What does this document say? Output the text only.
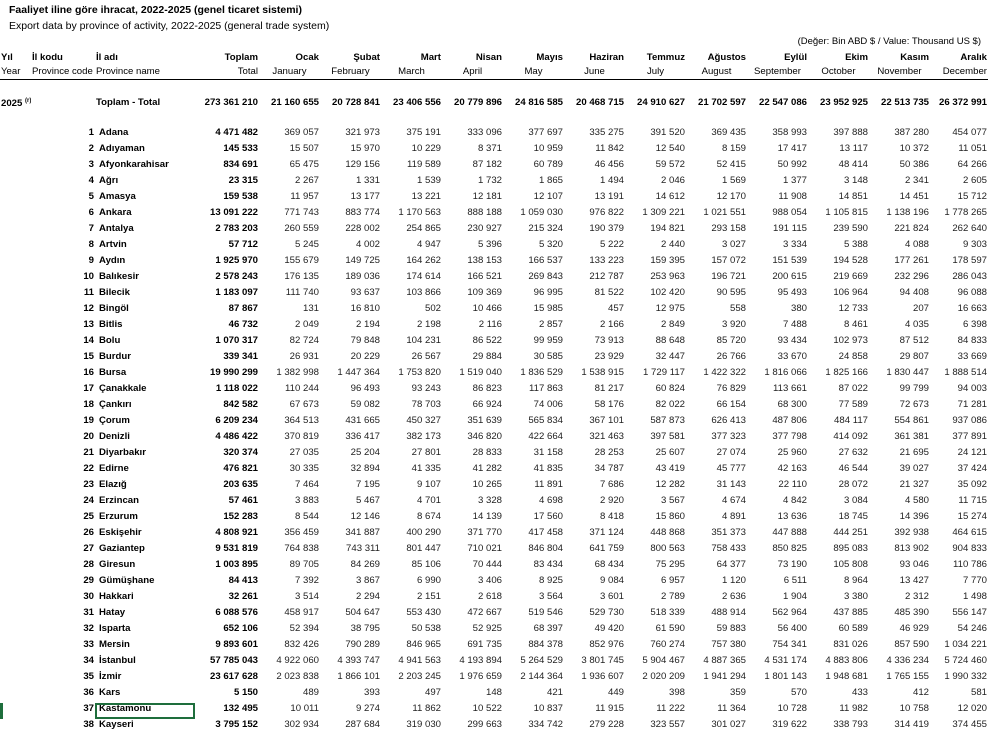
Faaliyet iline göre ihracat, 2022-2025 (genel ticaret sistemi)
Export data by province of activity, 2022-2025 (general trade system)
(Değer: Bin ABD $ / Value: Thousand US $)
Yıl	İl kodu	İl adı	Toplam	Ocak	Şubat	Mart	Nisan	Mayıs	Haziran	Temmuz	Ağustos	Eylül	Ekim	Kasım	Aralık
Year	Province code	Province name	Total	January	February	March	April	May	June	July	August	September	October	November	December

2025 $^{(r)}$		Toplam - Total	273 361 210	21 160 655	20 728 841	23 406 556	20 779 896	24 816 585	20 468 715	24 910 627	21 702 597	22 547 086	23 952 925	22 513 735	26 372 991

	1	Adana	4 471 482	369 057	321 973	375 191	333 096	377 697	335 275	391 520	369 435	358 993	397 888	387 280	454 077
	2	Adıyaman	145 533	15 507	15 970	10 229	8 371	10 959	11 842	12 540	8 159	17 417	13 117	10 372	11 051
	3	Afyonkarahisar	834 691	65 475	129 156	119 589	87 182	60 789	46 456	59 572	52 415	50 992	48 414	50 386	64 266
	4	Ağrı	23 315	2 267	1 331	1 539	1 732	1 865	1 494	2 046	1 569	1 377	3 148	2 341	2 605
	5	Amasya	159 538	11 957	13 177	13 221	12 181	12 107	13 191	14 612	12 170	11 908	14 851	14 451	15 712
	6	Ankara	13 091 222	771 743	883 774	1 170 563	888 188	1 059 030	976 822	1 309 221	1 021 551	988 054	1 105 815	1 138 196	1 778 265
	7	Antalya	2 783 203	260 559	228 002	254 865	230 927	215 324	190 379	194 821	293 158	191 115	239 590	221 824	262 640
	8	Artvin	57 712	5 245	4 002	4 947	5 396	5 320	5 222	2 440	3 027	3 334	5 388	4 088	9 303
	9	Aydın	1 925 970	155 679	149 725	164 262	138 153	166 537	133 223	159 395	157 072	151 539	194 528	177 261	178 597
	10	Balıkesir	2 578 243	176 135	189 036	174 614	166 521	269 843	212 787	253 963	196 721	200 615	219 669	232 296	286 043
	11	Bilecik	1 183 097	111 740	93 637	103 866	109 369	96 995	81 522	102 420	90 595	95 493	106 964	94 408	96 088
	12	Bingöl	87 867	131	16 810	502	10 466	15 985	457	12 975	558	380	12 733	207	16 663
	13	Bitlis	46 732	2 049	2 194	2 198	2 116	2 857	2 166	2 849	3 920	7 488	8 461	4 035	6 398
	14	Bolu	1 070 317	82 724	79 848	104 231	86 522	99 959	73 913	88 648	85 720	93 434	102 973	87 512	84 833
	15	Burdur	339 341	26 931	20 229	26 567	29 884	30 585	23 929	32 447	26 766	33 670	24 858	29 807	33 669
	16	Bursa	19 990 299	1 382 998	1 447 364	1 753 820	1 519 040	1 836 529	1 538 915	1 729 117	1 422 322	1 816 066	1 825 166	1 830 447	1 888 514
	17	Çanakkale	1 118 022	110 244	96 493	93 243	86 823	117 863	81 217	60 824	76 829	113 661	87 022	99 799	94 003
	18	Çankırı	842 582	67 673	59 082	78 703	66 924	74 006	58 176	82 022	66 154	68 300	77 589	72 673	71 281
	19	Çorum	6 209 234	364 513	431 665	450 327	351 639	565 834	367 101	587 873	626 413	487 806	484 117	554 861	937 086
	20	Denizli	4 486 422	370 819	336 417	382 173	346 820	422 664	321 463	397 581	377 323	377 798	414 092	361 381	377 891
	21	Diyarbakır	320 374	27 035	25 204	27 801	28 833	31 158	28 253	25 607	27 074	25 960	27 632	21 695	24 121
	22	Edirne	476 821	30 335	32 894	41 335	41 282	41 835	34 787	43 419	45 777	42 163	46 544	39 027	37 424
	23	Elazığ	203 635	7 464	7 195	9 107	10 265	11 891	7 686	12 282	31 143	22 110	28 072	21 327	35 092
	24	Erzincan	57 461	3 883	5 467	4 701	3 328	4 698	2 920	3 567	4 674	4 842	3 084	4 580	11 715
	25	Erzurum	152 283	8 544	12 146	8 674	14 139	17 560	8 418	15 860	4 891	13 636	18 745	14 396	15 274
	26	Eskişehir	4 808 921	356 459	341 887	400 290	371 770	417 458	371 124	448 868	351 373	447 888	444 251	392 938	464 615
	27	Gaziantep	9 531 819	764 838	743 311	801 447	710 021	846 804	641 759	800 563	758 433	850 825	895 083	813 902	904 833
	28	Giresun	1 003 895	89 705	84 269	85 106	70 444	83 434	68 434	75 295	64 377	73 190	105 808	93 046	110 786
	29	Gümüşhane	84 413	7 392	3 867	6 990	3 406	8 925	9 084	6 957	1 120	6 511	8 964	13 427	7 770
	30	Hakkari	32 261	3 514	2 294	2 151	2 618	3 564	3 601	2 789	2 636	1 904	3 380	2 312	1 498
	31	Hatay	6 088 576	458 917	504 647	553 430	472 667	519 546	529 730	518 339	488 914	562 964	437 885	485 390	556 147
	32	Isparta	652 106	52 394	38 795	50 538	52 925	68 397	49 420	61 590	59 883	56 400	60 589	46 929	54 246
	33	Mersin	9 893 601	832 426	790 289	846 965	691 735	884 378	852 976	760 274	757 380	754 341	831 026	857 590	1 034 221
	34	İstanbul	57 785 043	4 922 060	4 393 747	4 941 563	4 193 894	5 264 529	3 801 745	5 904 467	4 887 365	4 531 174	4 883 806	4 336 234	5 724 460
	35	İzmir	23 617 628	2 023 838	1 866 101	2 203 245	1 976 659	2 144 364	1 936 607	2 020 209	1 941 294	1 801 143	1 948 681	1 765 155	1 990 332
	36	Kars	5 150	489	393	497	148	421	449	398	359	570	433	412	581
	37	Kastamonu	132 495	10 011	9 274	11 862	10 522	10 837	11 915	11 222	11 364	10 728	11 982	10 758	12 020
	38	Kayseri	3 795 152	302 934	287 684	319 030	299 663	334 742	279 228	323 557	301 027	319 622	338 793	314 419	374 455
